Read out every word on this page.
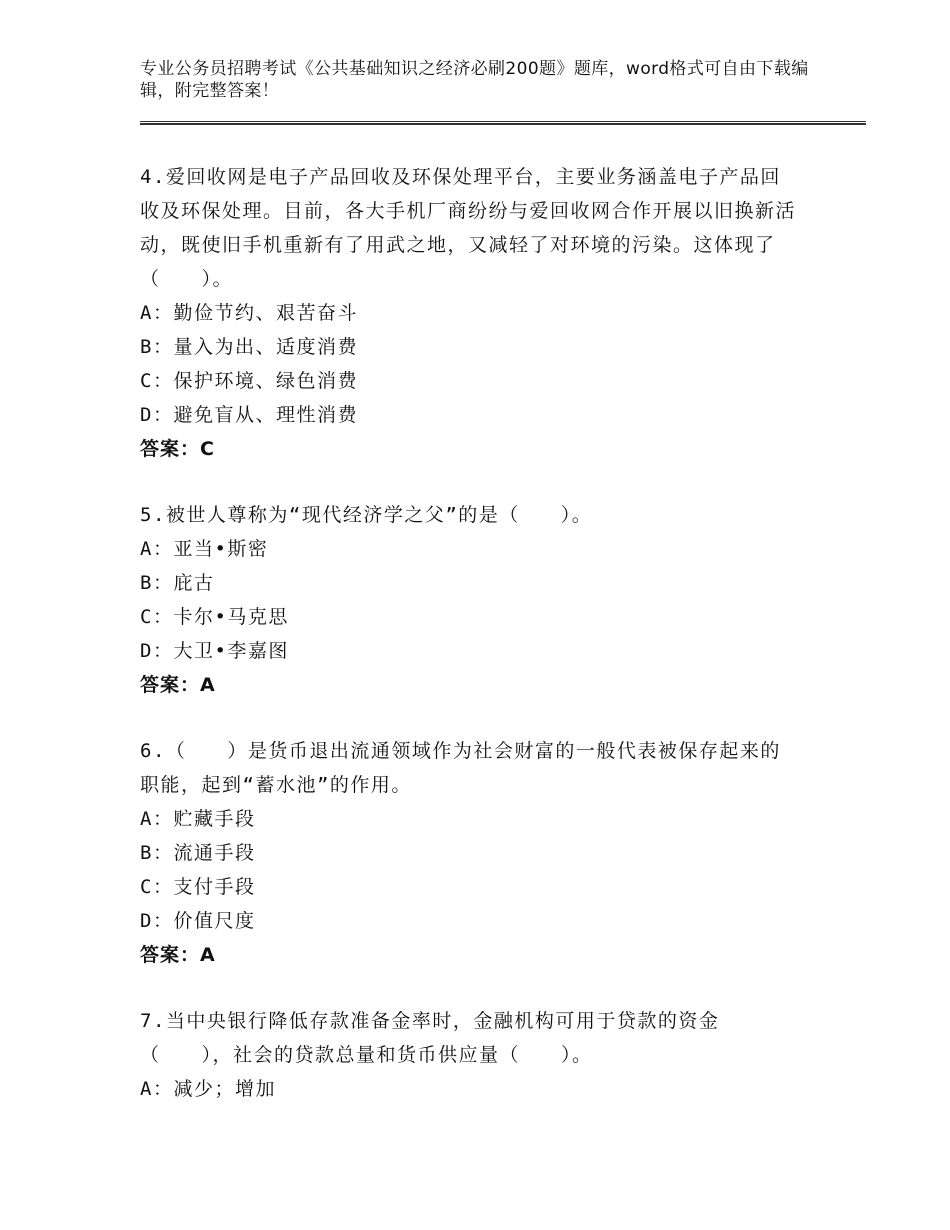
专业公务员招聘考试《公共基础知识之经济必刷200题》题库，word格式可自由下载编辑，附完整答案！

4.爱回收网是电子产品回收及环保处理平台，主要业务涵盖电子产品回收及环保处理。目前，各大手机厂商纷纷与爱回收网合作开展以旧换新活动，既使旧手机重新有了用武之地，又减轻了对环境的污染。这体现了（　　）。

A：勤俭节约、艰苦奋斗

B：量入为出、适度消费

C：保护环境、绿色消费

D：避免盲从、理性消费

答案：C

5.被世人尊称为“现代经济学之父”的是（　　）。

A：亚当•斯密

B：庇古

C：卡尔•马克思

D：大卫•李嘉图

答案：A

6.（　　）是货币退出流通领域作为社会财富的一般代表被保存起来的职能，起到“蓄水池”的作用。

A：贮藏手段

B：流通手段

C：支付手段

D：价值尺度

答案：A

7.当中央银行降低存款准备金率时，金融机构可用于贷款的资金（　　），社会的贷款总量和货币供应量（　　）。

A：减少；增加
